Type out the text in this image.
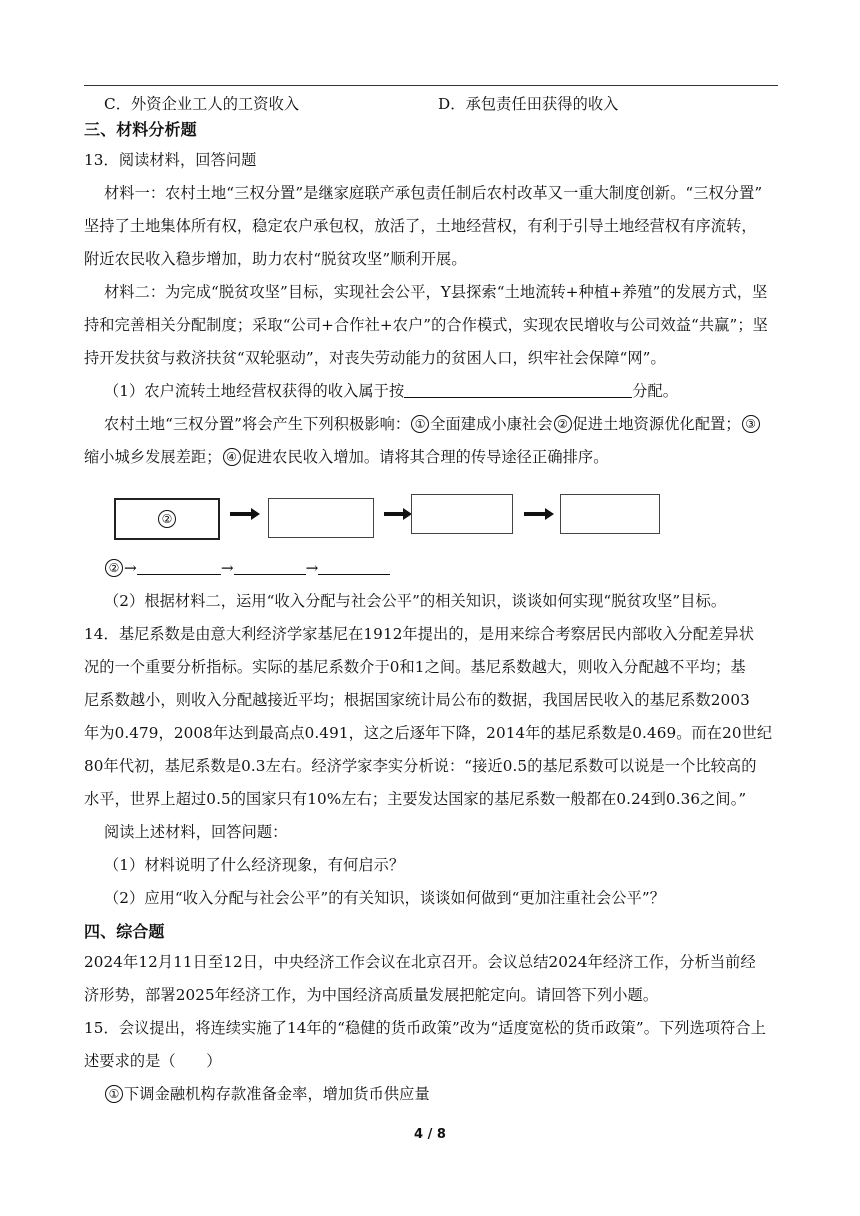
C．外资企业工人的工资收入	D．承包责任田获得的收入
三、材料分析题
13．阅读材料，回答问题
材料一：农村土地“三权分置”是继家庭联产承包责任制后农村改革又一重大制度创新。“三权分置”
坚持了土地集体所有权，稳定农户承包权，放活了，土地经营权，有利于引导土地经营权有序流转，
附近农民收入稳步增加，助力农村“脱贫攻坚”顺利开展。
材料二：为完成“脱贫攻坚”目标，实现社会公平，Y县探索“土地流转+种植+养殖”的发展方式，坚
持和完善相关分配制度；采取“公司+合作社+农户”的合作模式，实现农民增收与公司效益“共赢”；坚
持开发扶贫与救济扶贫“双轮驱动”，对丧失劳动能力的贫困人口，织牢社会保障“网”。
（1）农户流转土地经营权获得的收入属于按	分配。
农村土地“三权分置”将会产生下列积极影响： ① 全面建成小康社会 ② 促进土地资源优化配置； ③
缩小城乡发展差距； ④ 促进农民收入增加。请将其合理的传导途径正确排序。
②
② →	→	→
（2）根据材料二，运用“收入分配与社会公平”的相关知识，谈谈如何实现“脱贫攻坚”目标。
14．基尼系数是由意大利经济学家基尼在1912年提出的，是用来综合考察居民内部收入分配差异状
况的一个重要分析指标。实际的基尼系数介于0和1之间。基尼系数越大，则收入分配越不平均；基
尼系数越小，则收入分配越接近平均；根据国家统计局公布的数据，我国居民收入的基尼系数2003
年为0.479，2008年达到最高点0.491，这之后逐年下降，2014年的基尼系数是0.469。而在20世纪
80年代初，基尼系数是0.3左右。经济学家李实分析说：“接近0.5的基尼系数可以说是一个比较高的
水平，世界上超过0.5的国家只有10%左右；主要发达国家的基尼系数一般都在0.24到0.36之间。”
阅读上述材料，回答问题：
（1）材料说明了什么经济现象，有何启示？
（2）应用“收入分配与社会公平”的有关知识，谈谈如何做到“更加注重社会公平”？
四、综合题
2024年12月11日至12日，中央经济工作会议在北京召开。会议总结2024年经济工作，分析当前经
济形势，部署2025年经济工作，为中国经济高质量发展把舵定向。请回答下列小题。
15．会议提出，将连续实施了14年的“稳健的货币政策”改为“适度宽松的货币政策”。下列选项符合上
述要求的是（　　）
① 下调金融机构存款准备金率，增加货币供应量
4 / 8
